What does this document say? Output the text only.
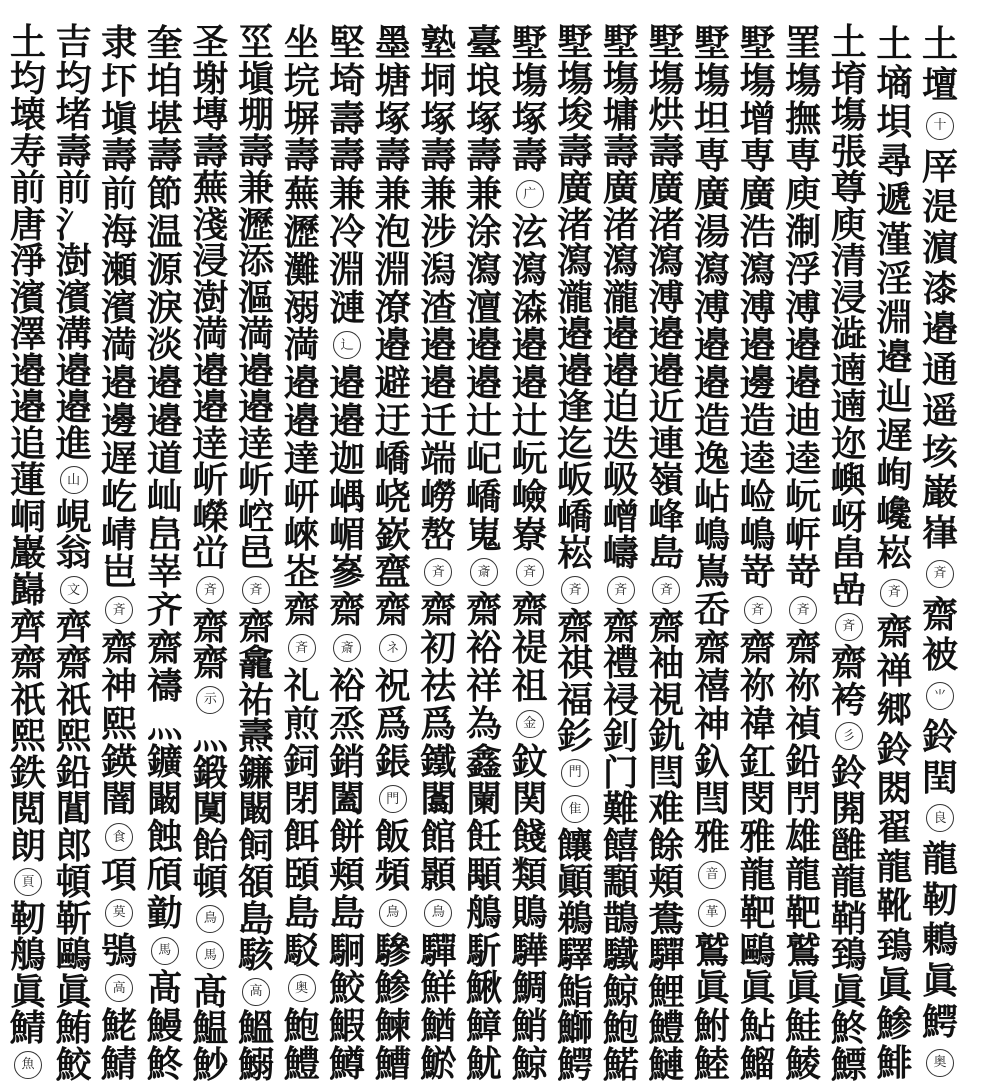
土
壇
十
厗
湜
濵
漆
邉
通
遥
垓
巌
嵂
斉
齋
被
⺌
鈴
閏
良
龍
靭
鶇
眞
鰐
奥
土
墒
垻
尋
遞
漌
淫
淵
邉
辿
遅
峋
巉
崧
斉
齋
禅
郷
鈴
閦
翟
龍
靴
鵄
眞
鯵
鯡
土
堉
塲
張
尊
庾
清
浸
澁
遖
遖
迩
嶼
岈
畠
嵒
斉
齋
袴
彡
鈴
閞
雝
龍
鞘
鵄
眞
鮗
鰾
罣
塲
撫
専
庾
淛
浮
溥
邉
邉
迪
逵
岏
㟁
嵜
斉
齋
祢
禎
鉛
閅
雄
龍
靶
鷲
眞
鮭
鯪
墅
塲
增
専
廣
浩
瀉
溥
邉
邊
造
逵
崄
嶋
嵜
斉
齋
祢
禕
釭
閔
雅
龍
靶
鷗
眞
鮎
鰡
墅
塲
坦
専
廣
湯
瀉
溥
邉
邉
造
逸
岾
嶋
嶌
岙
齋
禧
神
釞
閆
雅
音
革
鷲
眞
鮒
鯥
墅
塲
烘
壽
廣
渚
瀉
溥
邉
邉
近
連
嶺
峰
島
斉
齋
袖
視
釚
閆
难
餘
頬
鴦
驒
鯉
鱧
鰱
墅
塲
墉
壽
廣
渚
瀉
瀧
邉
邉
迫
迭
岋
嶒
嶹
斉
齋
禮
祲
釗
门
難
饎
顬
鵲
驖
鯨
鮑
鰙
墅
塲
埈
壽
廣
渚
瀉
瀧
邉
邉
逢
迄
岅
嶠
崧
斉
齋
祺
福
釤
門
隹
饟
顚
鵜
驛
鮨
鰤
鰐
墅
塲
塚
壽
广
泫
瀉
潹
邉
邉
辻
岏
嶮
嶚
斉
齋
禔
祖
金
鈫
関
餞
類
鵙
驊
鯛
鮹
鯨
臺
埌
塚
壽
兼
涂
瀉
澶
邉
邉
辻
屺
嶠
嵬
斎
齋
裕
祥
為
鑫
闌
飪
顒
鵃
馸
鰍
鱆
魷
塾
垌
塚
壽
兼
涉
潟
渣
邉
邉
迁
端
嶗
嶅
斉
齋
初
祛
爲
鐵
闟
館
顥
鳥
驒
鮮
鰌
鯲
墨
塘
塚
壽
兼
泡
淵
潦
邉
避
迂
嶠
峣
嶔
齍
齋
ネ
祝
爲
鋹
門
飯
頻
鳥
驂
鯵
鰊
鰽
堅
埼
壽
壽
兼
冷
淵
漣
辶
邉
邉
迦
嵎
嵋
嵾
齋
斎
裕
烝
銷
闔
餅
頬
島
駉
鮫
鰕
鱒
坐
垸
塀
壽
蕪
瀝
灘
溺
満
邉
邉
達
岍
崍
峜
齋
斉
礼
煎
鉰
閉
餌
頣
島
駁
奥
鮑
鱧
坙
塡
堋
壽
兼
瀝
添
漚
満
邉
邉
逹
岓
崆
邑
斉
齋
龕
祐
燾
鐮
闞
飼
頟
島
駭
高
鰮
鰯
圣
塮
塼
壽
蕪
淺
浸
澍
満
邉
邉
逹
岓
嶸
峃
斉
齋
齋
示
灬
鍛
闃
飴
頓
鳥
馬
髙
鰛
魦
奎
垍
堪
壽
節
温
源
淚
淡
邉
邉
道
屾
峊
峷
齐
齋
禱
灬
鑛
闞
蝕
頎
勭
馬
髙
鰻
鮗
隶
圷
塡
壽
前
海
瀬
濱
満
邉
邊
遅
屹
崝
岜
斉
齋
神
熙
鍈
闇
食
項
莫
鴞
高
鮱
鯖
吉
均
堵
壽
前
氵
澍
濱
溝
邉
邉
進
山
峴
翁
文
齊
齋
祇
熙
鉛
閶
郎
頓
靳
鷗
眞
鮪
鮫
土
均
壊
寿
前
唐
淨
濱
澤
邉
邉
追
蓮
峒
巖
巋
齊
齋
祇
熙
鉄
閲
朗
頁
靭
鵃
眞
鯖
魚
